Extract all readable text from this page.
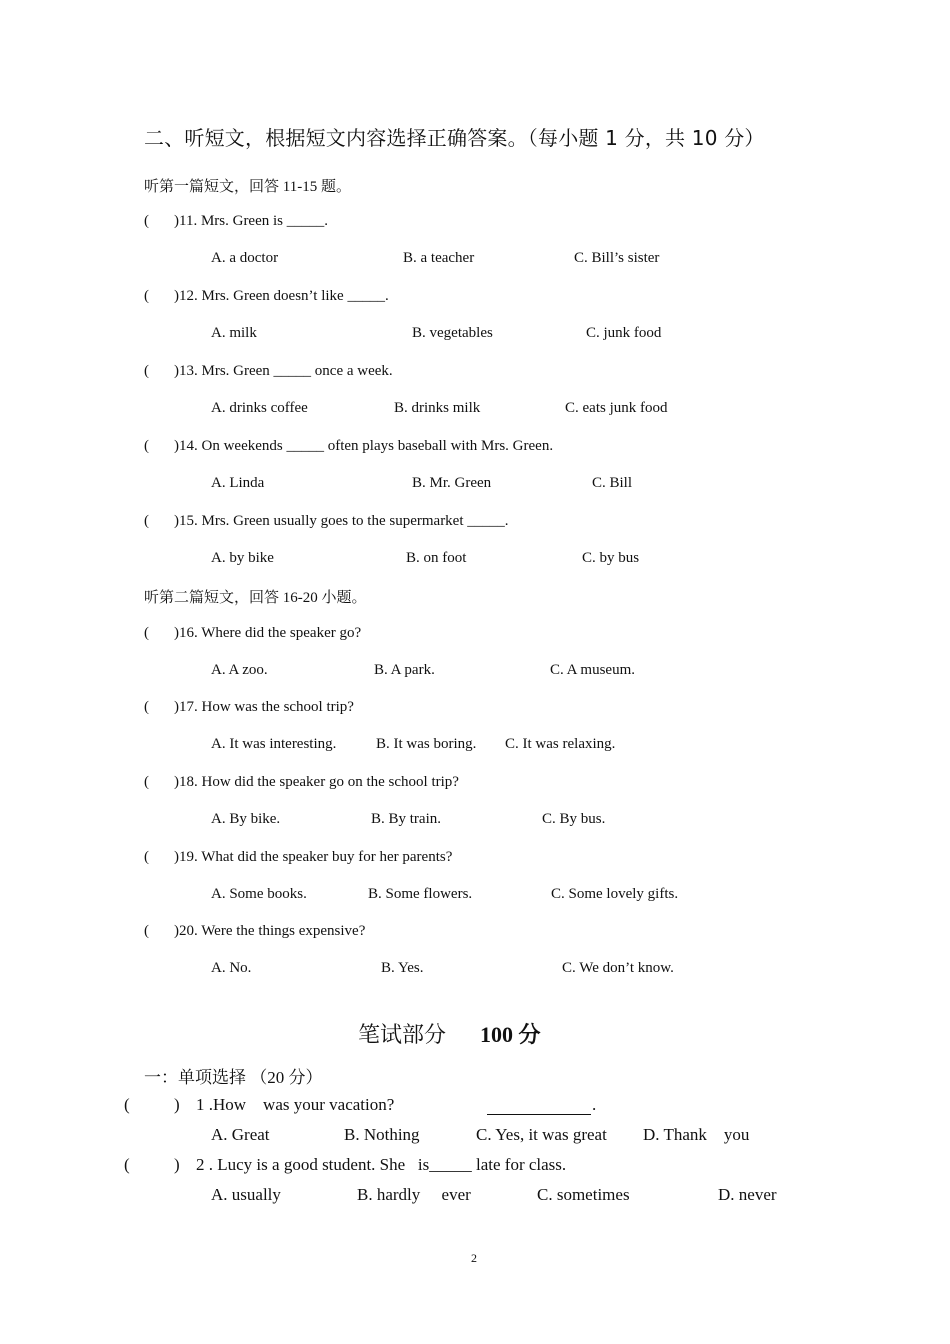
二、听短文，根据短文内容选择正确答案。（每小题 1 分，共 10 分）
听第一篇短文，回答 11-15 题。
( )11. Mrs. Green is _____.
A. a doctor	B. a teacher	C. Bill’s sister
( )12. Mrs. Green doesn’t like _____.
A. milk	B. vegetables	C. junk food
( )13. Mrs. Green _____ once a week.
A. drinks coffee	B. drinks milk	C. eats junk food
( )14. On weekends _____ often plays baseball with Mrs. Green.
A. Linda	B. Mr. Green	C. Bill
( )15. Mrs. Green usually goes to the supermarket _____.
A. by bike	B. on foot	C. by bus
听第二篇短文，回答 16-20 小题。
( )16. Where did the speaker go?
A. A zoo.	B. A park.	C. A museum.
( )17. How was the school trip?
A. It was interesting.	B. It was boring. C. It was relaxing.
( )18. How did the speaker go on the school trip?
A. By bike.	B. By train.	C. By bus.
( )19. What did the speaker buy for her parents?
A. Some books.	B. Some flowers.	C. Some lovely gifts.
( )20. Were the things expensive?
A. No.	B. Yes.	C. We don’t know.
笔试部分 100 分
一：单项选择 （20 分）
(	) 1 .How    was your vacation?	.
A. Great	B. Nothing	C. Yes, it was great D. Thank    you
(	) 2 . Lucy is a good student. She   is_____ late for class.
A. usually	B. hardly     ever	C. sometimes	D. never
2
